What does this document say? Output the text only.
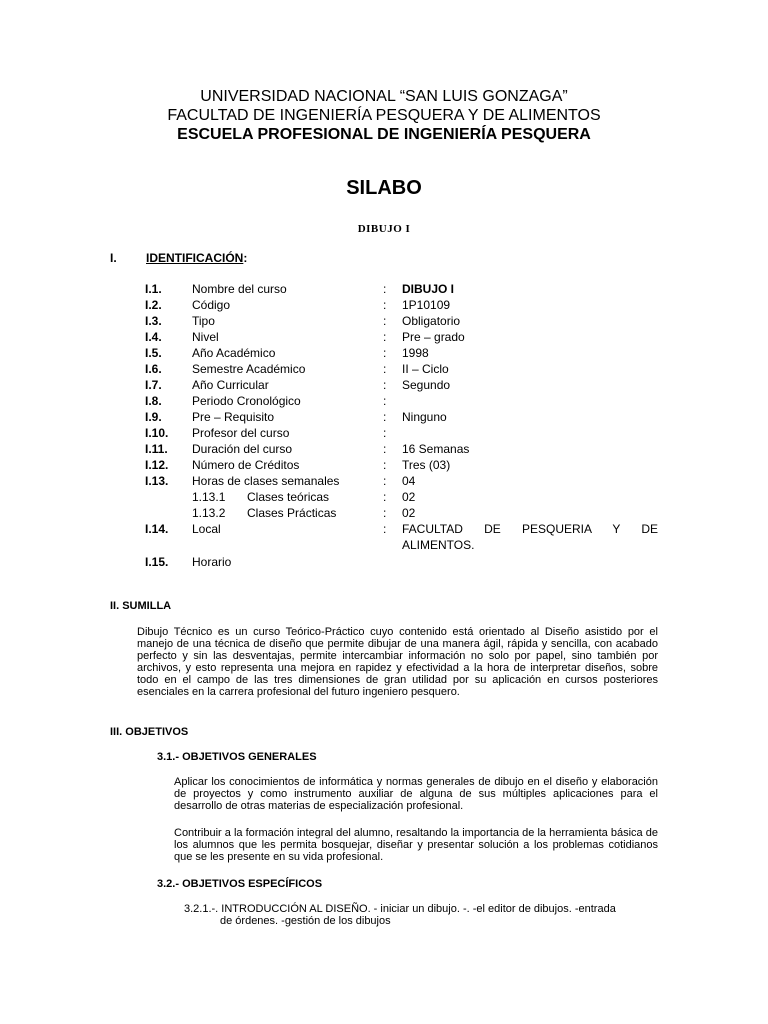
UNIVERSIDAD NACIONAL “SAN LUIS GONZAGA”
FACULTAD DE INGENIERÍA PESQUERA Y DE ALIMENTOS
ESCUELA PROFESIONAL DE INGENIERÍA PESQUERA
SILABO
DIBUJO I
I. IDENTIFICACIÓN:
I.1.	Nombre del curso	: DIBUJO I
I.2.	Código	: 1P10109
I.3.	Tipo	: Obligatorio
I.4.	Nivel	: Pre – grado
I.5.	Año Académico	: 1998
I.6.	Semestre Académico	: II – Ciclo
I.7.	Año Curricular	: Segundo
I.8.	Periodo Cronológico	:
I.9.	Pre – Requisito	: Ninguno
I.10. Profesor del curso	:
I.11. Duración del curso	: 16 Semanas
I.12. Número de Créditos	: Tres (03)
I.13. Horas de clases semanales	: 04
1.13.1 Clases teóricas	: 02
1.13.2 Clases Prácticas	: 02
I.14. Local	: FACULTAD DE PESQUERIA Y DE
ALIMENTOS.
I.15. Horario
II. SUMILLA
Dibujo Técnico es un curso Teórico-Práctico cuyo contenido está orientado al Diseño asistido por el manejo de una técnica de diseño que permite dibujar de una manera ágil, rápida y sencilla, con acabado perfecto y sin las desventajas, permite intercambiar información no solo por papel, sino también por archivos, y esto representa una mejora en rapidez y efectividad a la hora de interpretar diseños, sobre todo en el campo de las tres dimensiones de gran utilidad por su aplicación en cursos posteriores esenciales en la carrera profesional del futuro ingeniero pesquero.
III. OBJETIVOS
3.1.- OBJETIVOS GENERALES
Aplicar los conocimientos de informática y normas generales de dibujo en el diseño y elaboración de proyectos y como instrumento auxiliar de alguna de sus múltiples aplicaciones para el desarrollo de otras materias de especialización profesional.
Contribuir a la formación integral del alumno, resaltando la importancia de la herramienta básica de los alumnos que les permita bosquejar, diseñar y presentar solución a los problemas cotidianos que se les presente en su vida profesional.
3.2.- OBJETIVOS ESPECÍFICOS
3.2.1.-. INTRODUCCIÓN AL DISEÑO. - iniciar un dibujo. -. -el editor de dibujos. -entrada
de órdenes. -gestión de los dibujos
